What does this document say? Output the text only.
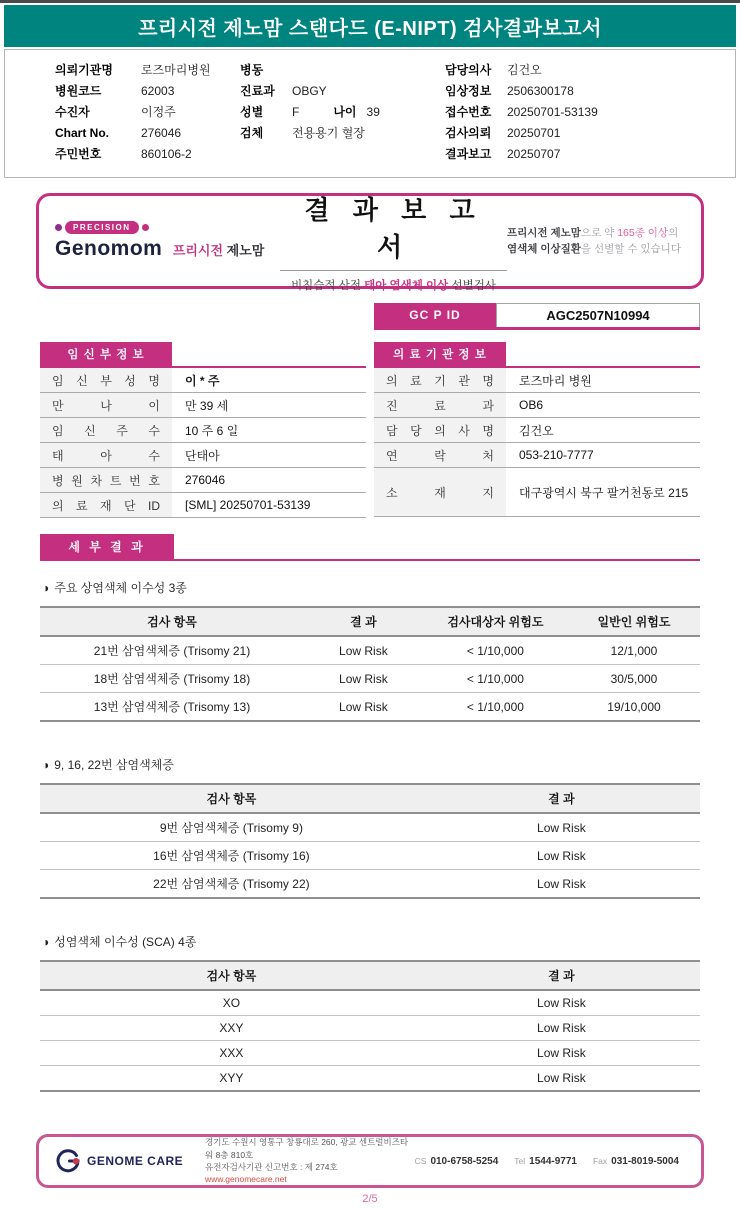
프리시전 제노맘 스탠다드 (E-NIPT) 검사결과보고서
의뢰기관명	로즈마리병원
병원코드	62003
수진자	이정주
Chart No.	276046
주민번호	860106-2
병동
진료과	OBGY
성별	F	나이 39
검체	전용용기 혈장
담당의사	김건오
임상정보	2506300178
접수번호	20250701-53139
검사의뢰	20250701
결과보고	20250707
PRECISION
Genomom 프리시전 제노맘
결 과 보 고 서
비침습적 산전 태아 염색체 이상 선별검사
프리시전 제노맘으로 약 165종 이상의
염색체 이상질환을 선별할 수 있습니다
GC P ID	AGC2507N10994
임 신 부 정 보
임 신 부 성 명	이 * 주
만 나 이	만 39 세
임 신 주 수	10 주 6 일
태 아 수	단태아
병 원 차 트 번 호	276046
의 료 재 단 ID	[SML] 20250701-53139
의 료 기 관 정 보
의 료 기 관 명	로즈마리 병원
진 료 과	OB6
담 당 의 사 명	김건오
연 락 처	053-210-7777
소 재 지	대구광역시 북구 팔거천동로 215
세 부 결 과
◑ 주요 상염색체 이수성 3종
검사 항목	결 과	검사대상자 위험도	일반인 위험도
21번 삼염색체증 (Trisomy 21)	Low Risk	< 1/10,000	12/1,000
18번 삼염색체증 (Trisomy 18)	Low Risk	< 1/10,000	30/5,000
13번 삼염색체증 (Trisomy 13)	Low Risk	< 1/10,000	19/10,000
◑ 9, 16, 22번 삼염색체증
검사 항목	결 과
9번 삼염색체증 (Trisomy 9)	Low Risk
16번 삼염색체증 (Trisomy 16)	Low Risk
22번 삼염색체증 (Trisomy 22)	Low Risk
◑ 성염색체 이수성 (SCA) 4종
검사 항목	결 과
XO	Low Risk
XXY	Low Risk
XXX	Low Risk
XYY	Low Risk
GENOME CARE
경기도 수원시 영통구 창룡대로 260, 광교 센트럴비즈타워 8층 810호
유전자검사기관 신고번호 : 제 274호
www.genomecare.net
CS 010-6758-5254 Tel 1544-9771 Fax 031-8019-5004
2/5
